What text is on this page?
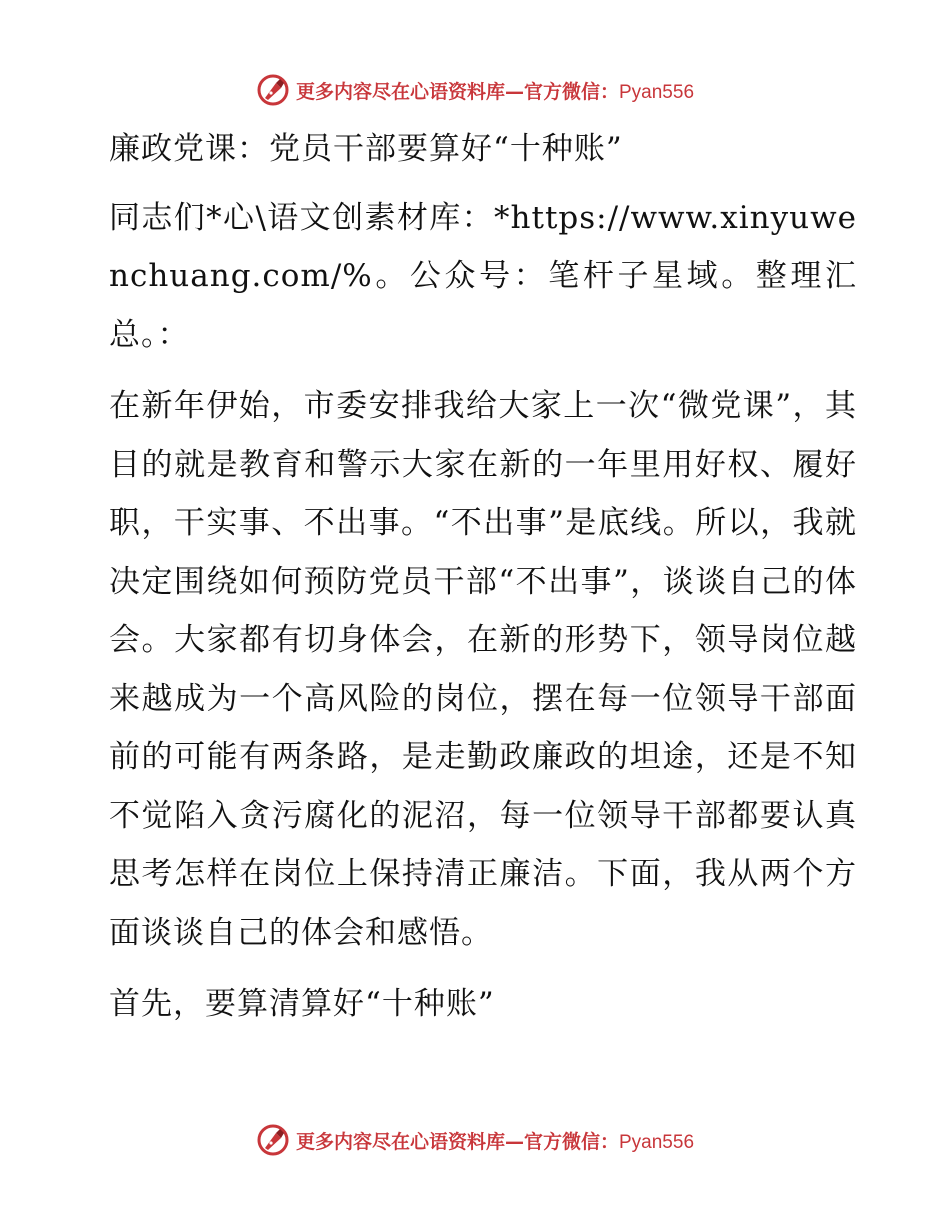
更多内容尽在心语资料库—官方微信：Pyan556

廉政党课：党员干部要算好“十种账”

同志们*心\语文创素材库：*https://www.xinyuwenchuang.com/%。公众号：笔杆子星域。整理汇总。：

在新年伊始，市委安排我给大家上一次“微党课”，其目的就是教育和警示大家在新的一年里用好权、履好职，干实事、不出事。“不出事”是底线。所以，我就决定围绕如何预防党员干部“不出事”，谈谈自己的体会。大家都有切身体会，在新的形势下，领导岗位越来越成为一个高风险的岗位，摆在每一位领导干部面前的可能有两条路，是走勤政廉政的坦途，还是不知不觉陷入贪污腐化的泥沼，每一位领导干部都要认真思考怎样在岗位上保持清正廉洁。下面，我从两个方面谈谈自己的体会和感悟。

首先，要算清算好“十种账”

更多内容尽在心语资料库—官方微信：Pyan556
